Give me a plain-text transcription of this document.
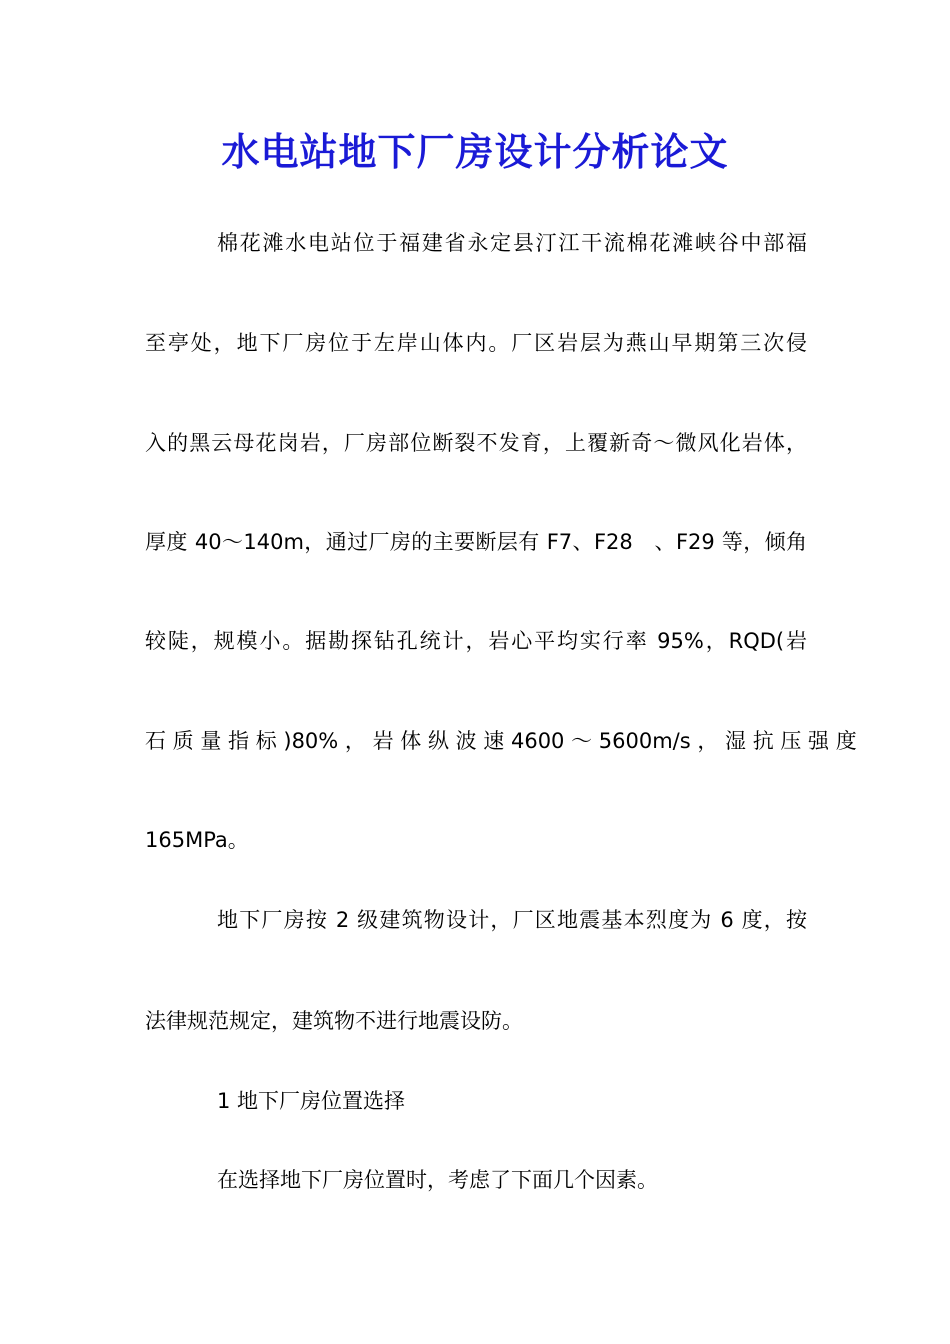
水电站地下厂房设计分析论文
棉花滩水电站位于福建省永定县汀江干流棉花滩峡谷中部福
至亭处，地下厂房位于左岸山体内。厂区岩层为燕山早期第三次侵
入的黑云母花岗岩，厂房部位断裂不发育，上覆新奇～微风化岩体，
厚度 40～140m，通过厂房的主要断层有 F7、F28　、F29 等，倾角
较陡，规模小。据勘探钻孔统计，岩心平均实行率 95%，RQD(岩
石 质 量 指 标 )80% ， 岩 体 纵 波 速 4600 ～ 5600m/s ， 湿 抗 压 强 度
165MPa。
地下厂房按 2 级建筑物设计，厂区地震基本烈度为 6 度，按
法律规范规定，建筑物不进行地震设防。
1 地下厂房位置选择
在选择地下厂房位置时，考虑了下面几个因素。
